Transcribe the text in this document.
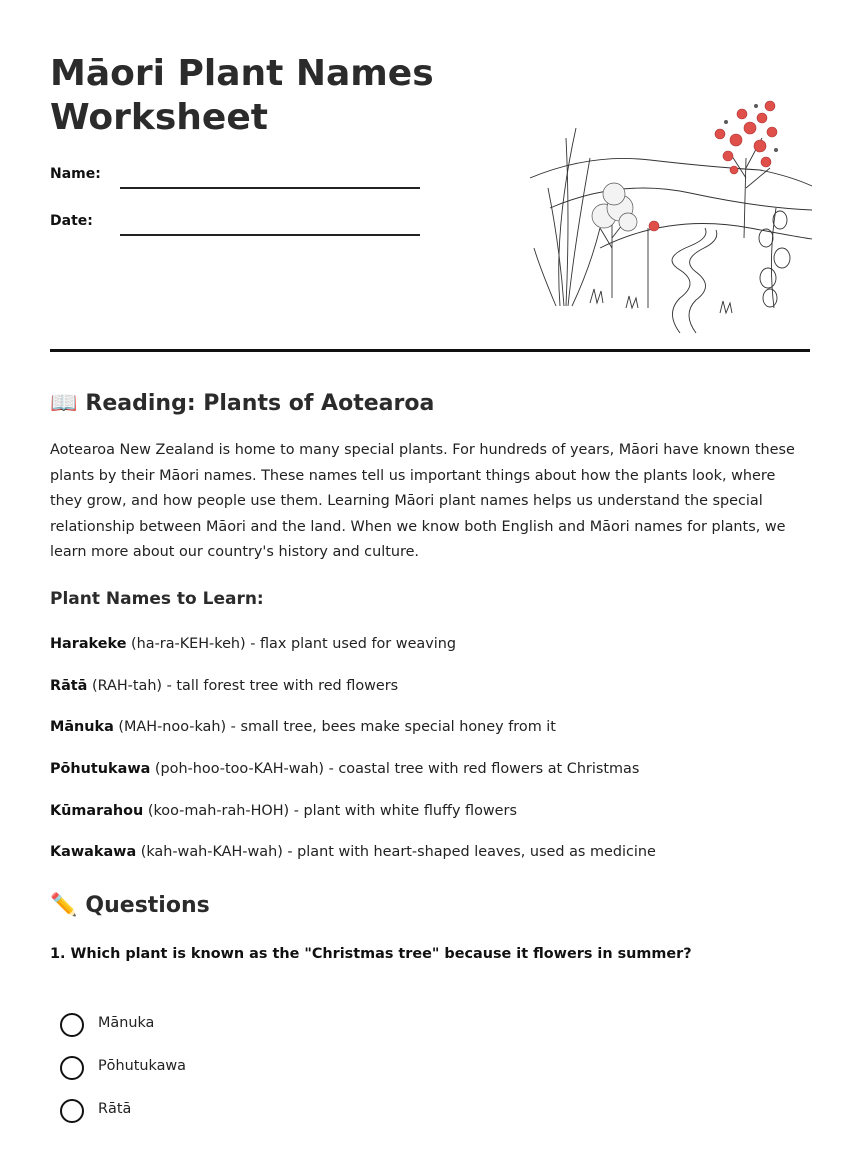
Māori Plant Names
Worksheet
Name:
Date:
📖 Reading: Plants of Aotearoa

Aotearoa New Zealand is home to many special plants. For hundreds of years, Māori have known these plants by their Māori names. These names tell us important things about how the plants look, where they grow, and how people use them. Learning Māori plant names helps us understand the special relationship between Māori and the land. When we know both English and Māori names for plants, we learn more about our country's history and culture.

Plant Names to Learn:

Harakeke (ha-ra-KEH-keh) - flax plant used for weaving

Rātā (RAH-tah) - tall forest tree with red flowers

Mānuka (MAH-noo-kah) - small tree, bees make special honey from it

Pōhutukawa (poh-hoo-too-KAH-wah) - coastal tree with red flowers at Christmas

Kūmarahou (koo-mah-rah-HOH) - plant with white fluffy flowers

Kawakawa (kah-wah-KAH-wah) - plant with heart-shaped leaves, used as medicine

✏️ Questions

1. Which plant is known as the "Christmas tree" because it flowers in summer?

Mānuka
Pōhutukawa
Rātā
